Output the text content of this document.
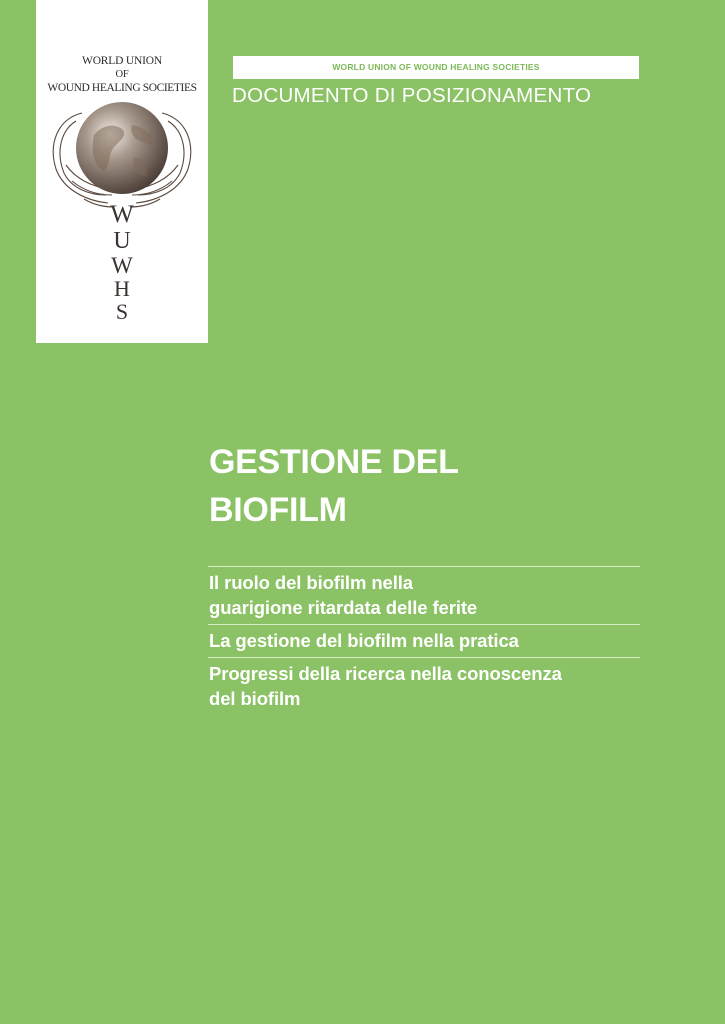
WORLD UNION
OF
WOUND HEALING SOCIETIES
W
U
W
H
S
WORLD UNION OF WOUND HEALING SOCIETIES
DOCUMENTO DI POSIZIONAMENTO
GESTIONE DEL
BIOFILM
Il ruolo del biofilm nella
guarigione ritardata delle ferite
La gestione del biofilm nella pratica
Progressi della ricerca nella conoscenza
del biofilm
